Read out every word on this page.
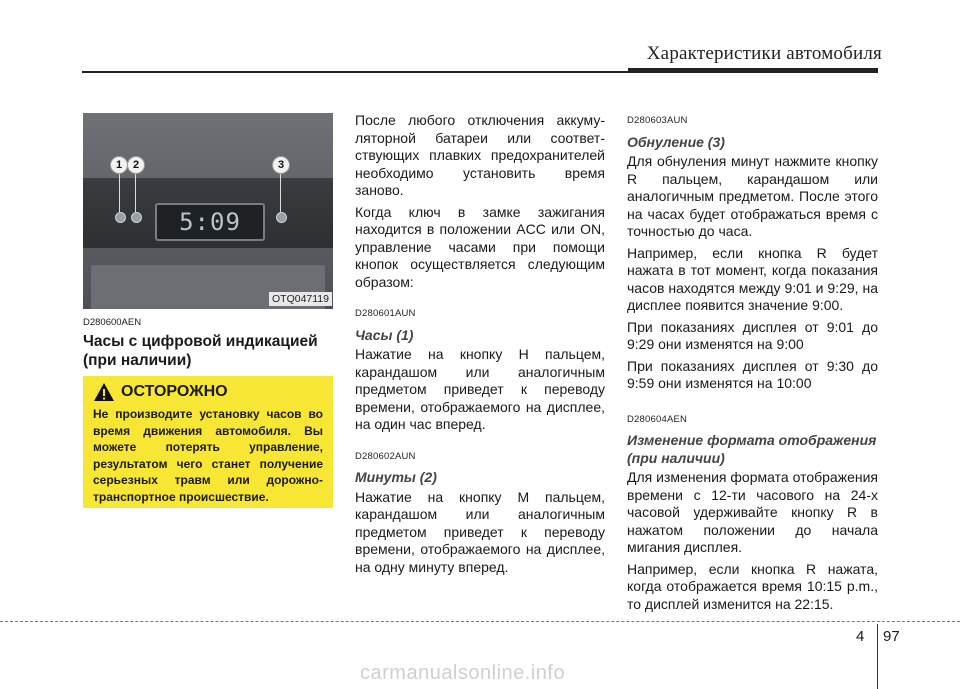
Характеристики автомобиля
5:09
1 2	3
OTQ047119
D280600AEN
Часы с цифровой индикацией (при наличии)
ОСТОРОЖНО

Не производите установку часов во время движения автомобиля. Вы можете потерять управление, результатом чего станет получение серьезных травм или дорожно-транспортное происшествие.

После любого отключения аккуму-ляторной батареи или соответ-ствующих плавких предохранителей необходимо установить время заново.

Когда ключ в замке зажигания находится в положении ACC или ON, управление часами при помощи кнопок осуществляется следующим образом:

D280601AUN
Часы (1)

Нажатие на кнопку H пальцем, карандашом или аналогичным предметом приведет к переводу времени, отображаемого на дисплее, на один час вперед.

D280602AUN
Минуты (2)

Нажатие на кнопку M пальцем, карандашом или аналогичным предметом приведет к переводу времени, отображаемого на дисплее, на одну минуту вперед.

D280603AUN
Обнуление (3)

Для обнуления минут нажмите кнопку R пальцем, карандашом или аналогичным предметом. После этого на часах будет отображаться время с точностью до часа.

Например, если кнопка R будет нажата в тот момент, когда показания часов находятся между 9:01 и 9:29, на дисплее появится значение 9:00.

При показаниях дисплея от 9:01 до 9:29 они изменятся на 9:00

При показаниях дисплея от 9:30 до 9:59 они изменятся на 10:00

D280604AEN
Изменение формата отображения (при наличии)

Для изменения формата отображения времени с 12-ти часового на 24-х часовой удерживайте кнопку R в нажатом положении до начала мигания дисплея.

Например, если кнопка R нажата, когда отображается время 10:15 p.m., то дисплей изменится на 22:15.

4 97
carmanualsonline.info
